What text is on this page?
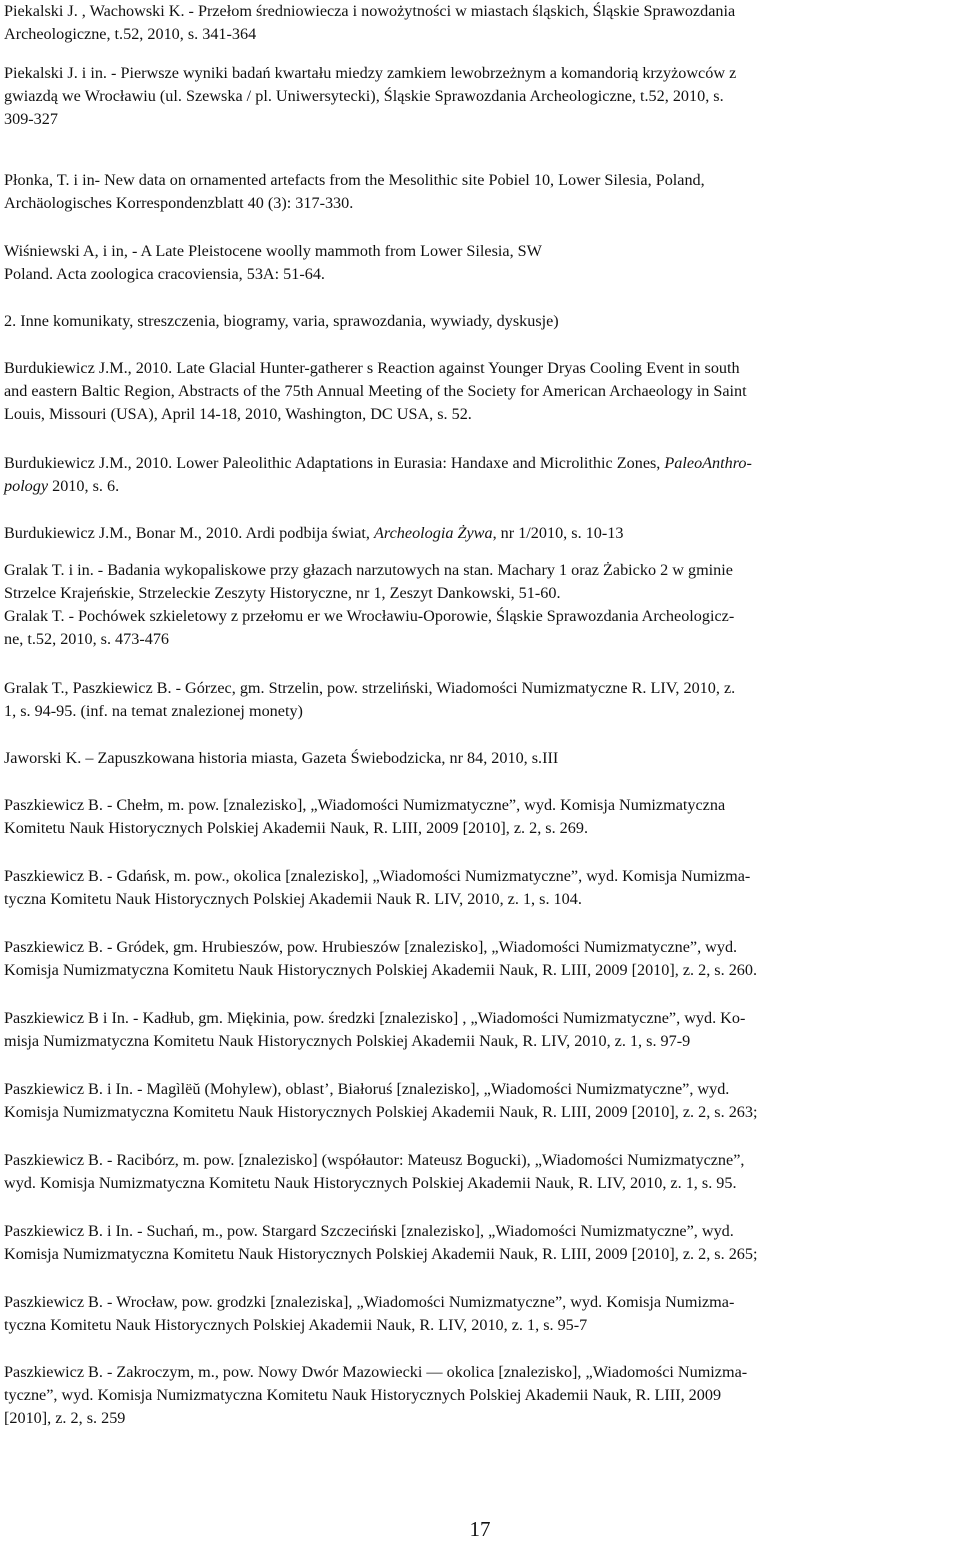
Piekalski J. , Wachowski K. - Przełom średniowiecza i nowożytności w miastach śląskich, Śląskie Sprawozdania
Archeologiczne, t.52, 2010, s. 341-364

Piekalski J. i in. - Pierwsze wyniki badań kwartału miedzy zamkiem lewobrzeżnym a komandorią krzyżowców z
gwiazdą we Wrocławiu (ul. Szewska / pl. Uniwersytecki), Śląskie Sprawozdania Archeologiczne, t.52, 2010, s.
309-327

Płonka, T. i in- New data on ornamented artefacts from the Mesolithic site Pobiel 10, Lower Silesia, Poland,
Archäologisches Korrespondenzblatt 40 (3): 317-330.

Wiśniewski A, i in, - A Late Pleistocene woolly mammoth from Lower Silesia, SW
Poland. Acta zoologica cracoviensia, 53A: 51-64.

2. Inne komunikaty, streszczenia, biogramy, varia, sprawozdania, wywiady, dyskusje)

Burdukiewicz J.M., 2010. Late Glacial Hunter-gatherer s Reaction against Younger Dryas Cooling Event in south
and eastern Baltic Region, Abstracts of the 75th Annual Meeting of the Society for American Archaeology in Saint
Louis, Missouri (USA), April 14-18, 2010, Washington, DC USA, s. 52.

Burdukiewicz J.M., 2010. Lower Paleolithic Adaptations in Eurasia: Handaxe and Microlithic Zones, PaleoAnthro-
pology 2010, s. 6.

Burdukiewicz J.M., Bonar M., 2010. Ardi podbija świat, Archeologia Żywa, nr 1/2010, s. 10-13

Gralak T. i in. - Badania wykopaliskowe przy głazach narzutowych na stan. Machary 1 oraz Żabicko 2 w gminie
Strzelce Krajeńskie, Strzeleckie Zeszyty Historyczne, nr 1, Zeszyt Dankowski, 51-60.
Gralak T. - Pochówek szkieletowy z przełomu er we Wrocławiu-Oporowie, Śląskie Sprawozdania Archeologicz-
ne, t.52, 2010, s. 473-476

Gralak T., Paszkiewicz B. - Górzec, gm. Strzelin, pow. strzeliński, Wiadomości Numizmatyczne R. LIV, 2010, z.
1, s. 94-95. (inf. na temat znalezionej monety)

Jaworski K. – Zapuszkowana historia miasta, Gazeta Świebodzicka, nr 84, 2010, s.III

Paszkiewicz B. - Chełm, m. pow. [znalezisko], „Wiadomości Numizmatyczne”, wyd. Komisja Numizmatyczna
Komitetu Nauk Historycznych Polskiej Akademii Nauk, R. LIII, 2009 [2010], z. 2, s. 269.

Paszkiewicz B. - Gdańsk, m. pow., okolica [znalezisko], „Wiadomości Numizmatyczne”, wyd. Komisja Numizma-
tyczna Komitetu Nauk Historycznych Polskiej Akademii Nauk R. LIV, 2010, z. 1, s. 104.

Paszkiewicz B. - Gródek, gm. Hrubieszów, pow. Hrubieszów [znalezisko], „Wiadomości Numizmatyczne”, wyd.
Komisja Numizmatyczna Komitetu Nauk Historycznych Polskiej Akademii Nauk, R. LIII, 2009 [2010], z. 2, s. 260.

Paszkiewicz B i In. - Kadłub, gm. Miękinia, pow. średzki [znalezisko] , „Wiadomości Numizmatyczne”, wyd. Ko-
misja Numizmatyczna Komitetu Nauk Historycznych Polskiej Akademii Nauk, R. LIV, 2010, z. 1, s. 97-9

Paszkiewicz B. i In. - Magìlëŭ (Mohylew), oblast’, Białoruś [znalezisko], „Wiadomości Numizmatyczne”, wyd.
Komisja Numizmatyczna Komitetu Nauk Historycznych Polskiej Akademii Nauk, R. LIII, 2009 [2010], z. 2, s. 263;

Paszkiewicz B. - Racibórz, m. pow. [znalezisko] (współautor: Mateusz Bogucki), „Wiadomości Numizmatyczne”,
wyd. Komisja Numizmatyczna Komitetu Nauk Historycznych Polskiej Akademii Nauk, R. LIV, 2010, z. 1, s. 95.

Paszkiewicz B. i In. - Suchań, m., pow. Stargard Szczeciński [znalezisko], „Wiadomości Numizmatyczne”, wyd.
Komisja Numizmatyczna Komitetu Nauk Historycznych Polskiej Akademii Nauk, R. LIII, 2009 [2010], z. 2, s. 265;

Paszkiewicz B. - Wrocław, pow. grodzki [znaleziska], „Wiadomości Numizmatyczne”, wyd. Komisja Numizma-
tyczna Komitetu Nauk Historycznych Polskiej Akademii Nauk, R. LIV, 2010, z. 1, s. 95-7

Paszkiewicz B. - Zakroczym, m., pow. Nowy Dwór Mazowiecki — okolica [znalezisko], „Wiadomości Numizma-
tyczne”, wyd. Komisja Numizmatyczna Komitetu Nauk Historycznych Polskiej Akademii Nauk, R. LIII, 2009
[2010], z. 2, s. 259

17
